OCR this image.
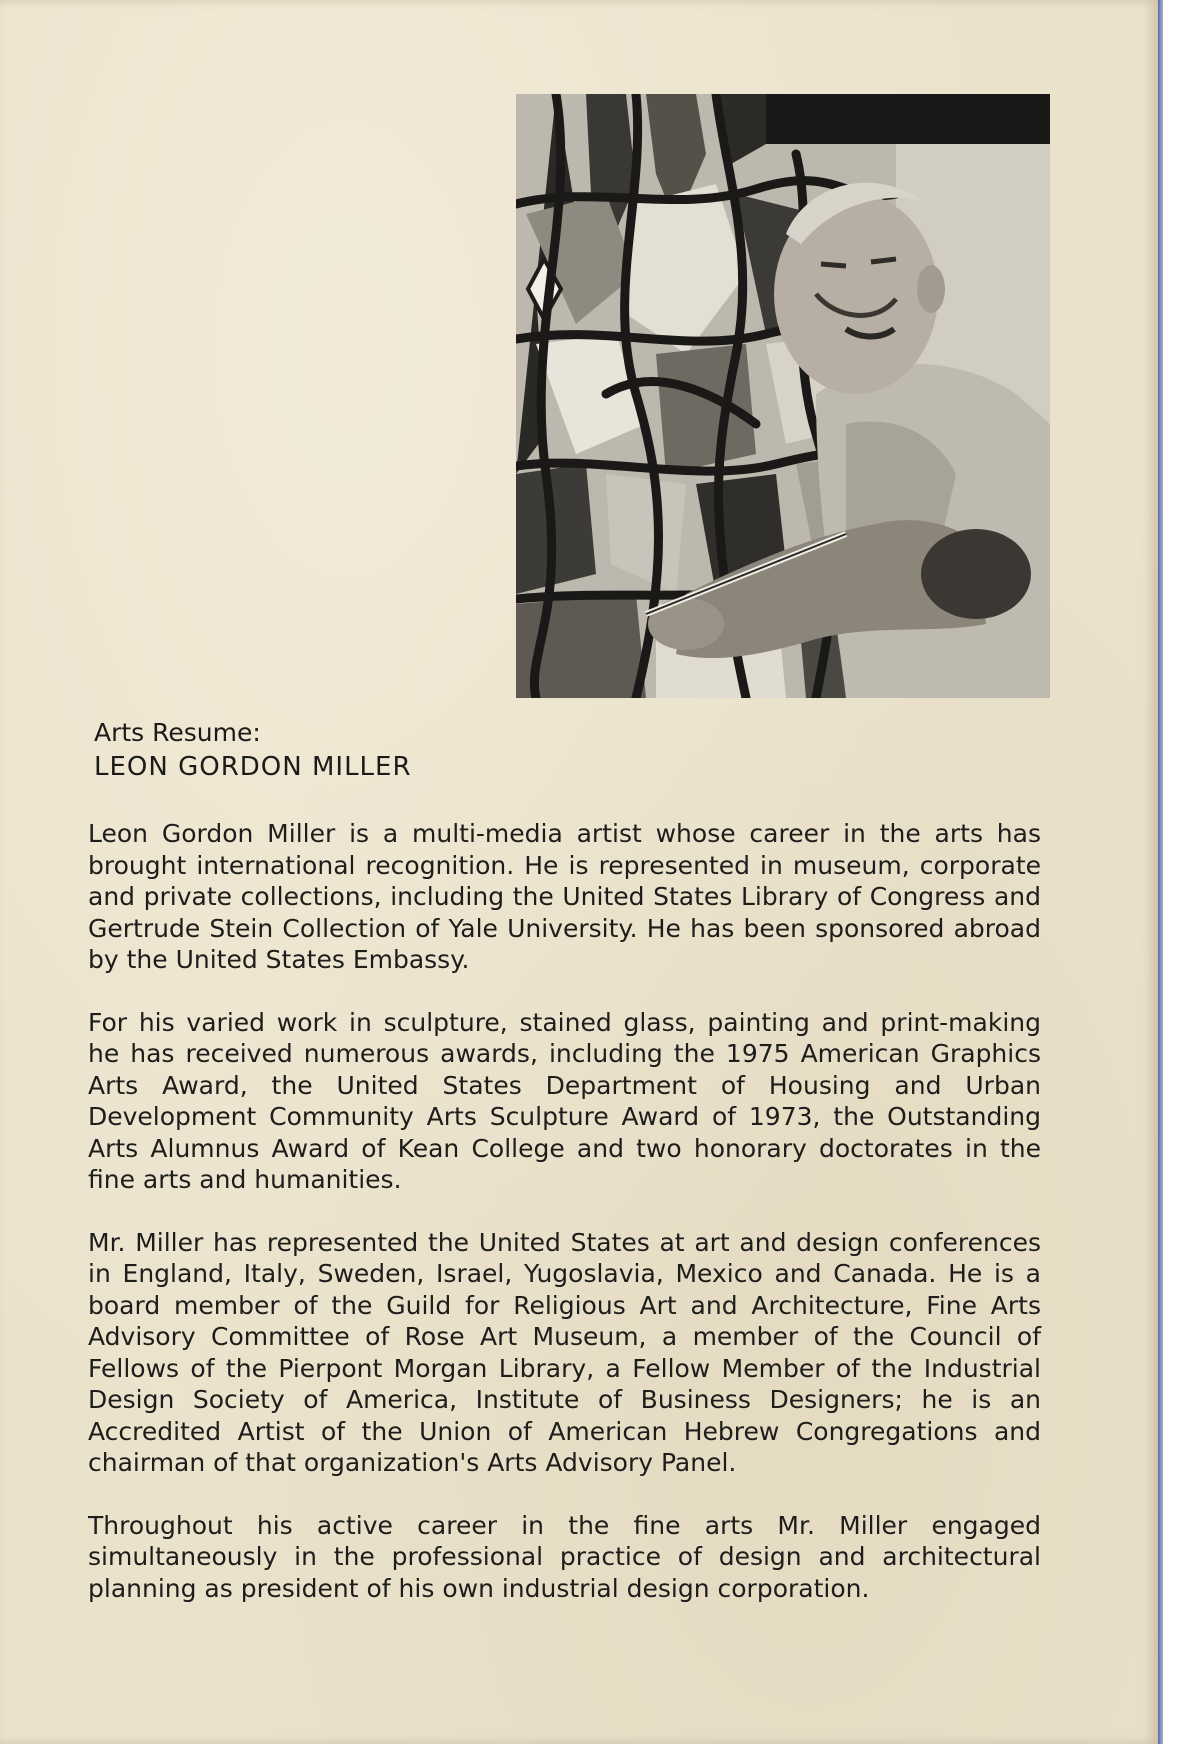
Arts Resume:
LEON GORDON MILLER

Leon Gordon Miller is a multi-media artist whose career in the arts has brought international recognition. He is represented in museum, corporate and private collections, including the United States Library of Congress and Gertrude Stein Collection of Yale University. He has been sponsored abroad by the United States Embassy.

For his varied work in sculpture, stained glass, painting and print-making he has received numerous awards, including the 1975 American Graphics Arts Award, the United States Department of Housing and Urban Development Community Arts Sculpture Award of 1973, the Outstanding Arts Alumnus Award of Kean College and two honorary doctorates in the fine arts and humanities.

Mr. Miller has represented the United States at art and design conferences in England, Italy, Sweden, Israel, Yugoslavia, Mexico and Canada. He is a board member of the Guild for Religious Art and Architecture, Fine Arts Advisory Committee of Rose Art Museum, a member of the Council of Fellows of the Pierpont Morgan Library, a Fellow Member of the Industrial Design Society of America, Institute of Business Designers; he is an Accredited Artist of the Union of American Hebrew Congregations and chairman of that organization's Arts Advisory Panel.

Throughout his active career in the fine arts Mr. Miller engaged simultaneously in the professional practice of design and architectural planning as president of his own industrial design corporation.
